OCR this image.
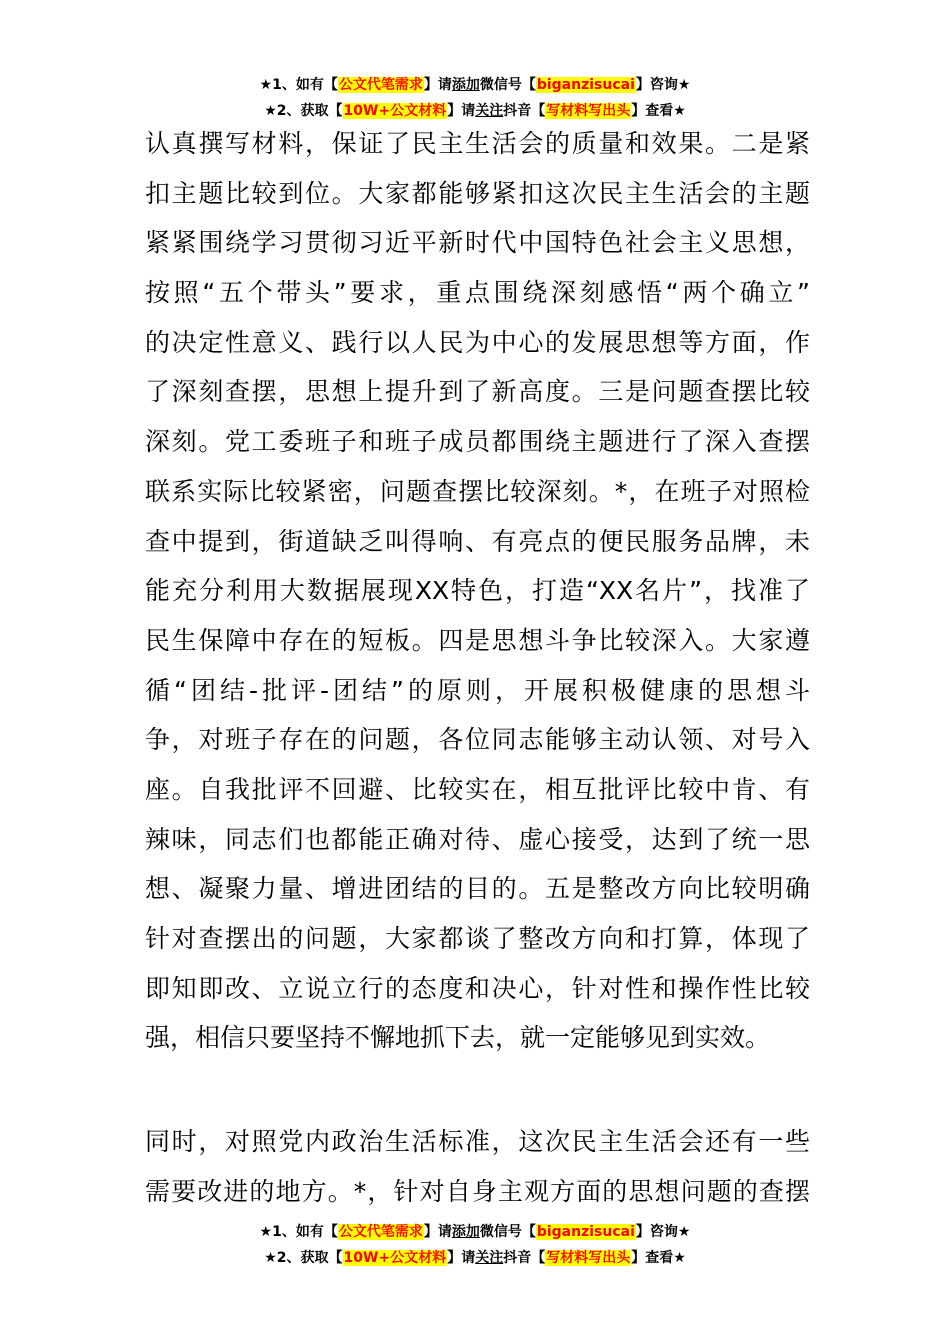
★1、如有【公文代笔需求】请添加微信号【biganzisucai】咨询★
★2、获取【10W+公文材料】请关注抖音【写材料写出头】查看★
认真撰写材料，保证了民主生活会的质量和效果。二是紧
扣主题比较到位。大家都能够紧扣这次民主生活会的主题
紧紧围绕学习贯彻习近平新时代中国特色社会主义思想，
按照“五个带头”要求，重点围绕深刻感悟“两个确立”
的决定性意义、践行以人民为中心的发展思想等方面，作
了深刻查摆，思想上提升到了新高度。三是问题查摆比较
深刻。党工委班子和班子成员都围绕主题进行了深入查摆
联系实际比较紧密，问题查摆比较深刻。*，在班子对照检
查中提到，街道缺乏叫得响、有亮点的便民服务品牌，未
能充分利用大数据展现XX特色，打造“XX名片”，找准了
民生保障中存在的短板。四是思想斗争比较深入。大家遵
循“团结-批评-团结”的原则，开展积极健康的思想斗
争，对班子存在的问题，各位同志能够主动认领、对号入
座。自我批评不回避、比较实在，相互批评比较中肯、有
辣味，同志们也都能正确对待、虚心接受，达到了统一思
想、凝聚力量、增进团结的目的。五是整改方向比较明确
针对查摆出的问题，大家都谈了整改方向和打算，体现了
即知即改、立说立行的态度和决心，针对性和操作性比较
强，相信只要坚持不懈地抓下去，就一定能够见到实效。
同时，对照党内政治生活标准，这次民主生活会还有一些
需要改进的地方。*，针对自身主观方面的思想问题的查摆
★1、如有【公文代笔需求】请添加微信号【biganzisucai】咨询★
★2、获取【10W+公文材料】请关注抖音【写材料写出头】查看★
